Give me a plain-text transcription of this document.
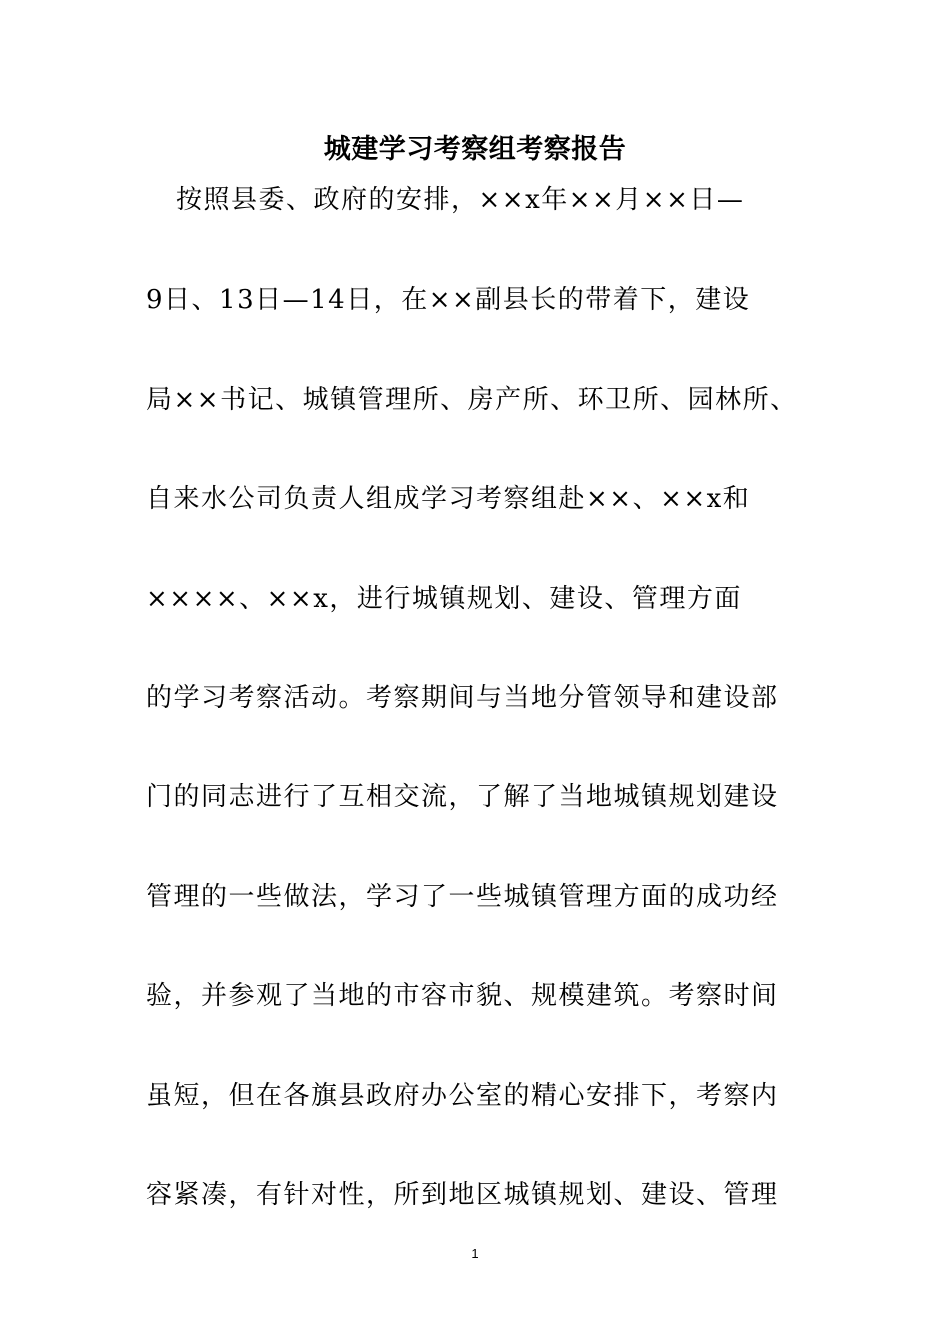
城建学习考察组考察报告
按照县委、政府的安排，××x年××月××日—
9日、13日—14日，在××副县长的带着下，建设
局××书记、城镇管理所、房产所、环卫所、园林所、
自来水公司负责人组成学习考察组赴××、××x和
××××、××x，进行城镇规划、建设、管理方面
的学习考察活动。考察期间与当地分管领导和建设部
门的同志进行了互相交流，了解了当地城镇规划建设
管理的一些做法，学习了一些城镇管理方面的成功经
验，并参观了当地的市容市貌、规模建筑。考察时间
虽短，但在各旗县政府办公室的精心安排下，考察内
容紧凑，有针对性，所到地区城镇规划、建设、管理
1
